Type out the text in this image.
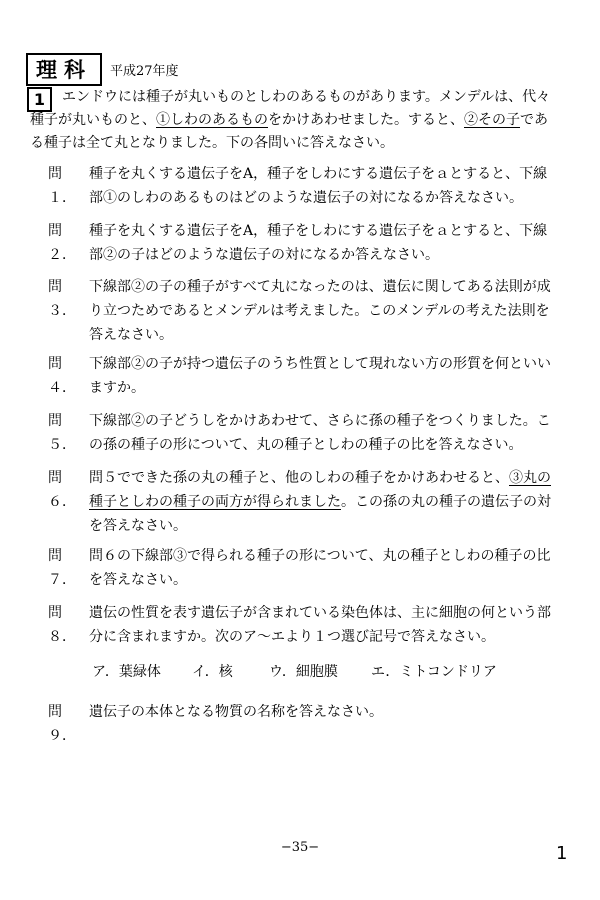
理科	平成27年度
1	エンドウには種子が丸いものとしわのあるものがあります。メンデルは、代々種子が丸いものと、①しわのあるものをかけあわせました。すると、②その子である種子は全て丸となりました。下の各問いに答えなさい。
問１．
種子を丸くする遺伝子をA，種子をしわにする遺伝子をａとすると、下線部①のしわのあるものはどのような遺伝子の対になるか答えなさい。
問２．
種子を丸くする遺伝子をA，種子をしわにする遺伝子をａとすると、下線部②の子はどのような遺伝子の対になるか答えなさい。
問３．
下線部②の子の種子がすべて丸になったのは、遺伝に関してある法則が成り立つためであるとメンデルは考えました。このメンデルの考えた法則を答えなさい。
問４．
下線部②の子が持つ遺伝子のうち性質として現れない方の形質を何といいますか。
問５．
下線部②の子どうしをかけあわせて、さらに孫の種子をつくりました。この孫の種子の形について、丸の種子としわの種子の比を答えなさい。
問６．
問５でできた孫の丸の種子と、他のしわの種子をかけあわせると、③丸の種子としわの種子の両方が得られました。この孫の丸の種子の遺伝子の対を答えなさい。
問７．
問６の下線部③で得られる種子の形について、丸の種子としわの種子の比を答えなさい。
問８．
遺伝の性質を表す遺伝子が含まれている染色体は、主に細胞の何という部分に含まれますか。次のア～エより１つ選び記号で答えなさい。
ア．葉緑体	イ．核	ウ．細胞膜	エ．ミトコンドリア
問９．
遺伝子の本体となる物質の名称を答えなさい。
−35−	1
